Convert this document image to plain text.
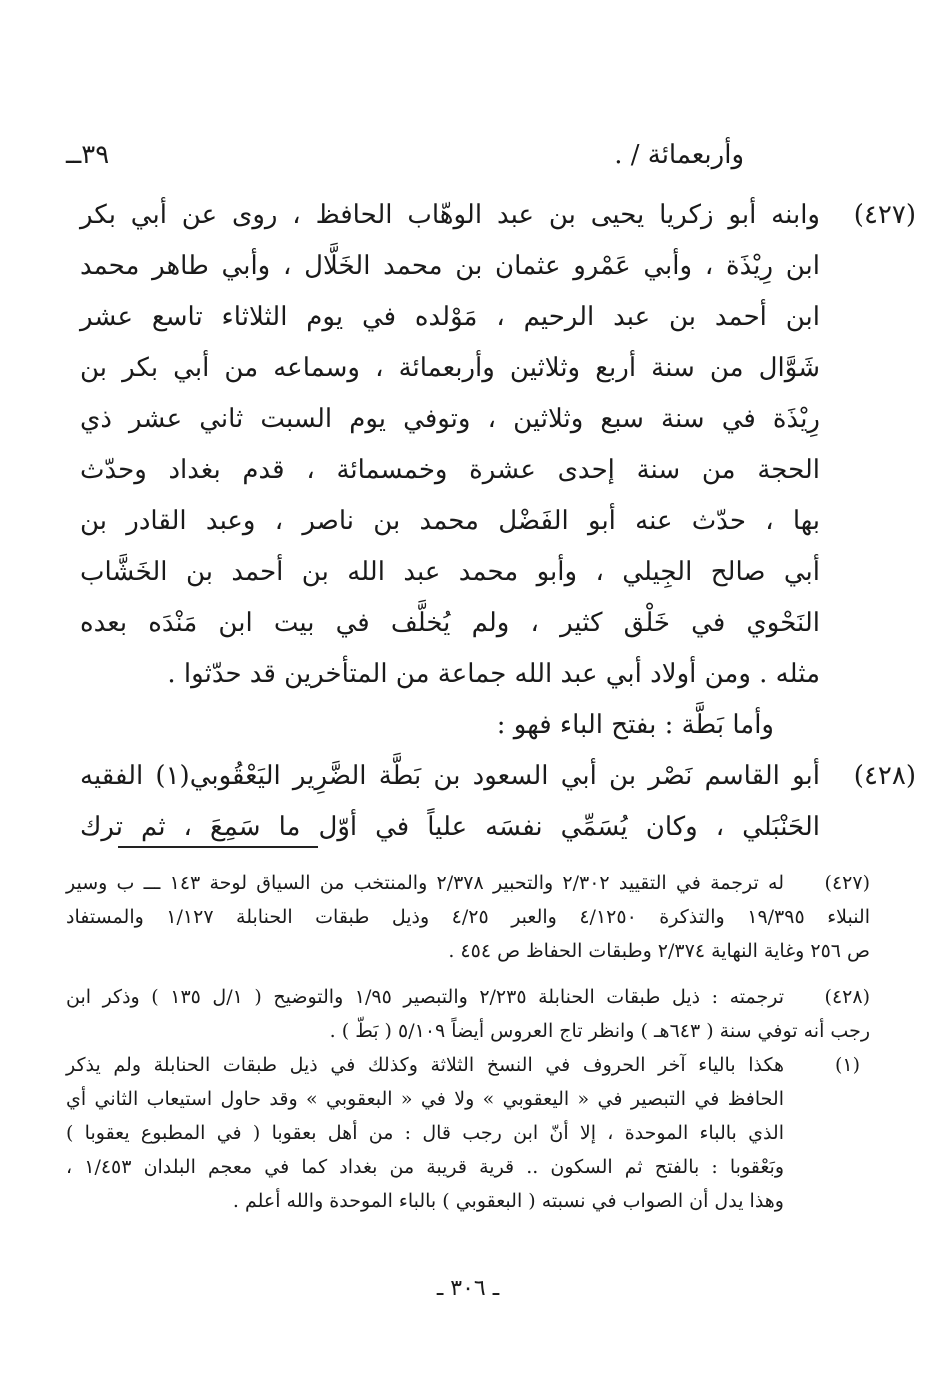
٣٩ــ	وأربعمائة / .
(٤٢٧)
وابنه أبو زكريا يحيى بن عبد الوهّاب الحافظ ، روى عن أبي بكر
ابن رِيْذَة ، وأبي عَمْرو عثمان بن محمد الخَلَّال ، وأبي طاهر محمد
ابن أحمد بن عبد الرحيم ، مَوْلده في يوم الثلاثاء تاسع عشر
شَوَّال من سنة أربع وثلاثين وأربعمائة ، وسماعه من أبي بكر بن
رِيْذَة في سنة سبع وثلاثين ، وتوفي يوم السبت ثاني عشر ذي
الحجة من سنة إحدى عشرة وخمسمائة ، قدم بغداد وحدّث
بها ، حدّث عنه أبو الفَضْل محمد بن ناصر ، وعبد القادر بن
أبي صالح الجِيلي ، وأبو محمد عبد الله بن أحمد بن الخَشَّاب
النَحْوي في خَلْق كثير ، ولم يُخلَّف في بيت ابن مَنْدَه بعده
مثله . ومن أولاد أبي عبد الله جماعة من المتأخرين قد حدّثوا .
وأما بَطَّة : بفتح الباء فهو :
(٤٢٨)
أبو القاسم نَصْر بن أبي السعود بن بَطَّة الضَّرِير اليَعْقُوبي(١) الفقيه
الحَنْبَلي ، وكان يُسَمِّي نفسَه علياً في أوّل ما سَمِعَ ، ثم ترك
(٤٢٧)
له ترجمة في التقييد ٢/٣٠٢ والتحبير ٢/٣٧٨ والمنتخب من السياق لوحة ١٤٣ ـــ ب وسير
النبلاء ١٩/٣٩٥ والتذكرة ٤/١٢٥٠ والعبر ٤/٢٥ وذيل طبقات الحنابلة ١/١٢٧ والمستفاد
ص ٢٥٦ وغاية النهاية ٢/٣٧٤ وطبقات الحفاظ ص ٤٥٤ .
(٤٢٨)
ترجمته : ذيل طبقات الحنابلة ٢/٢٣٥ والتبصير ١/٩٥ والتوضيح ( ١/ل ١٣٥ ) وذكر ابن
رجب أنه توفي سنة ( ٦٤٣هـ ) وانظر تاج العروس أيضاً ٥/١٠٩ ( بَطّ ) .
(١)
هكذا بالياء آخر الحروف في النسخ الثلاثة وكذلك في ذيل طبقات الحنابلة ولم يذكر
الحافظ في التبصير في « اليعقوبي » ولا في « البعقوبي » وقد حاول استيعاب الثاني أي
الذي بالباء الموحدة ، إلا أنّ ابن رجب قال : من أهل بعقوبا ( في المطبوع يعقوبا )
وبَعْقوبا : بالفتح ثم السكون .. قرية قريبة من بغداد كما في معجم البلدان ١/٤٥٣ ،
وهذا يدل أن الصواب في نسبته ( البعقوبي ) بالباء الموحدة والله أعلم .
ـ ٣٠٦ ـ
